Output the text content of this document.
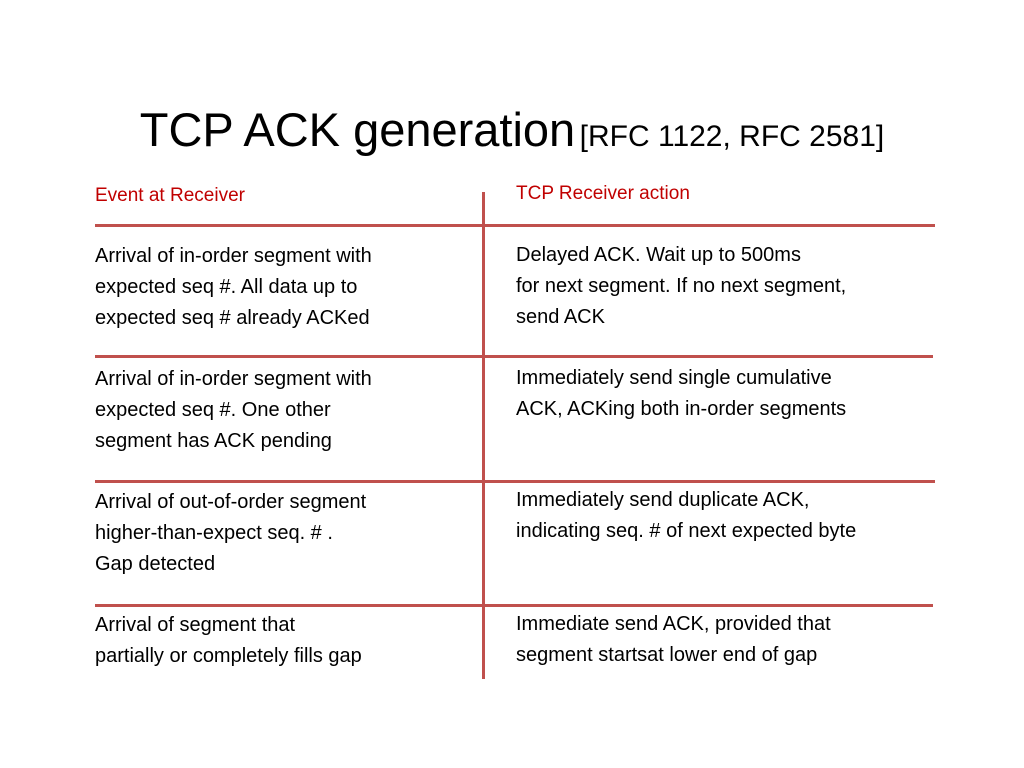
TCP ACK generation [RFC 1122, RFC 2581]
Event at Receiver	TCP Receiver action
Arrival of in-order segment with
expected seq #. All data up to
expected seq # already ACKed
Delayed ACK. Wait up to 500ms
for next segment. If no next segment,
send ACK
Arrival of in-order segment with
expected seq #. One other
segment has ACK pending
Immediately send single cumulative
ACK, ACKing both in-order segments
Arrival of out-of-order segment
higher-than-expect seq. # .
Gap detected
Immediately send duplicate ACK,
indicating seq. # of next expected byte
Arrival of segment that
partially or completely fills gap
Immediate send ACK, provided that
segment startsat lower end of gap
